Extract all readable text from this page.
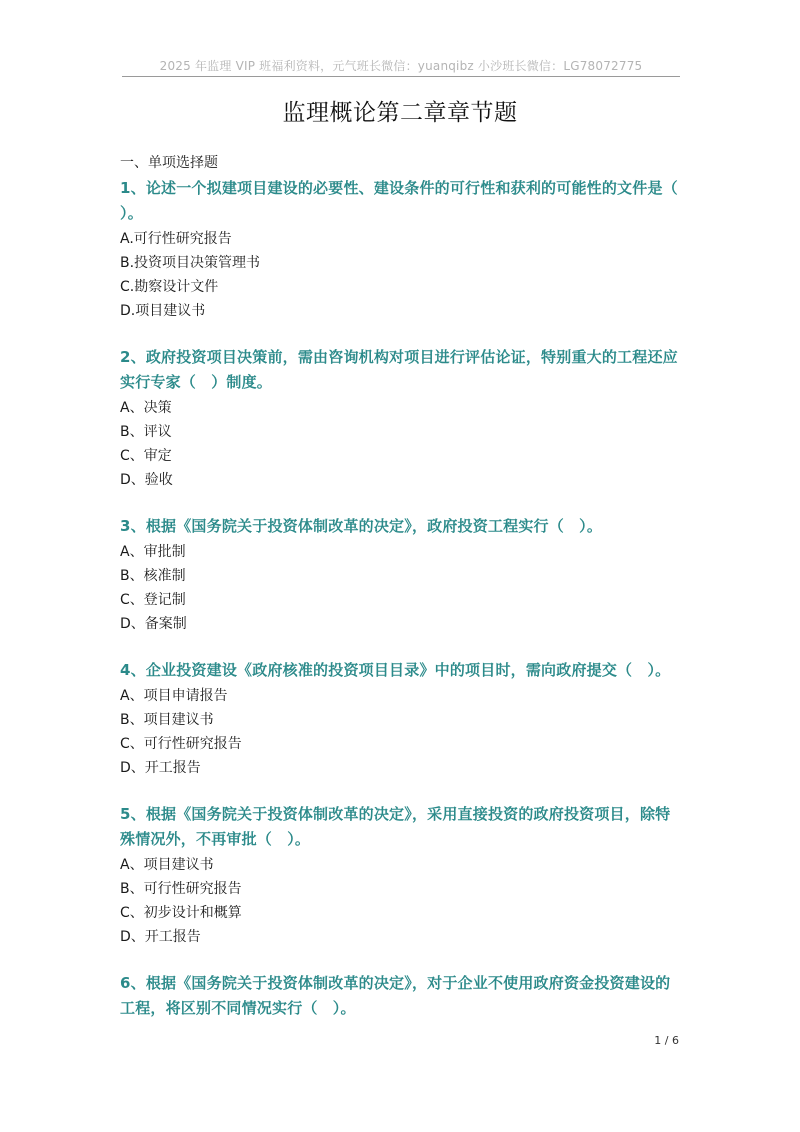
2025 年监理 VIP 班福利资料，元气班长微信：yuanqibz 小沙班长微信：LG78072775
监理概论第二章章节题
一、单项选择题
1、论述一个拟建项目建设的必要性、建设条件的可行性和获利的可能性的文件是（ ）。
A.可行性研究报告
B.投资项目决策管理书
C.勘察设计文件
D.项目建议书
2、政府投资项目决策前，需由咨询机构对项目进行评估论证，特别重大的工程还应实行专家（　）制度。
A、决策
B、评议
C、审定
D、验收
3、根据《国务院关于投资体制改革的决定》，政府投资工程实行（　）。
A、审批制
B、核准制
C、登记制
D、备案制
4、企业投资建设《政府核准的投资项目目录》中的项目时，需向政府提交（　）。
A、项目申请报告
B、项目建议书
C、可行性研究报告
D、开工报告
5、根据《国务院关于投资体制改革的决定》，采用直接投资的政府投资项目，除特殊情况外，不再审批（　）。
A、项目建议书
B、可行性研究报告
C、初步设计和概算
D、开工报告
6、根据《国务院关于投资体制改革的决定》，对于企业不使用政府资金投资建设的工程，将区别不同情况实行（　）。
1 / 6
